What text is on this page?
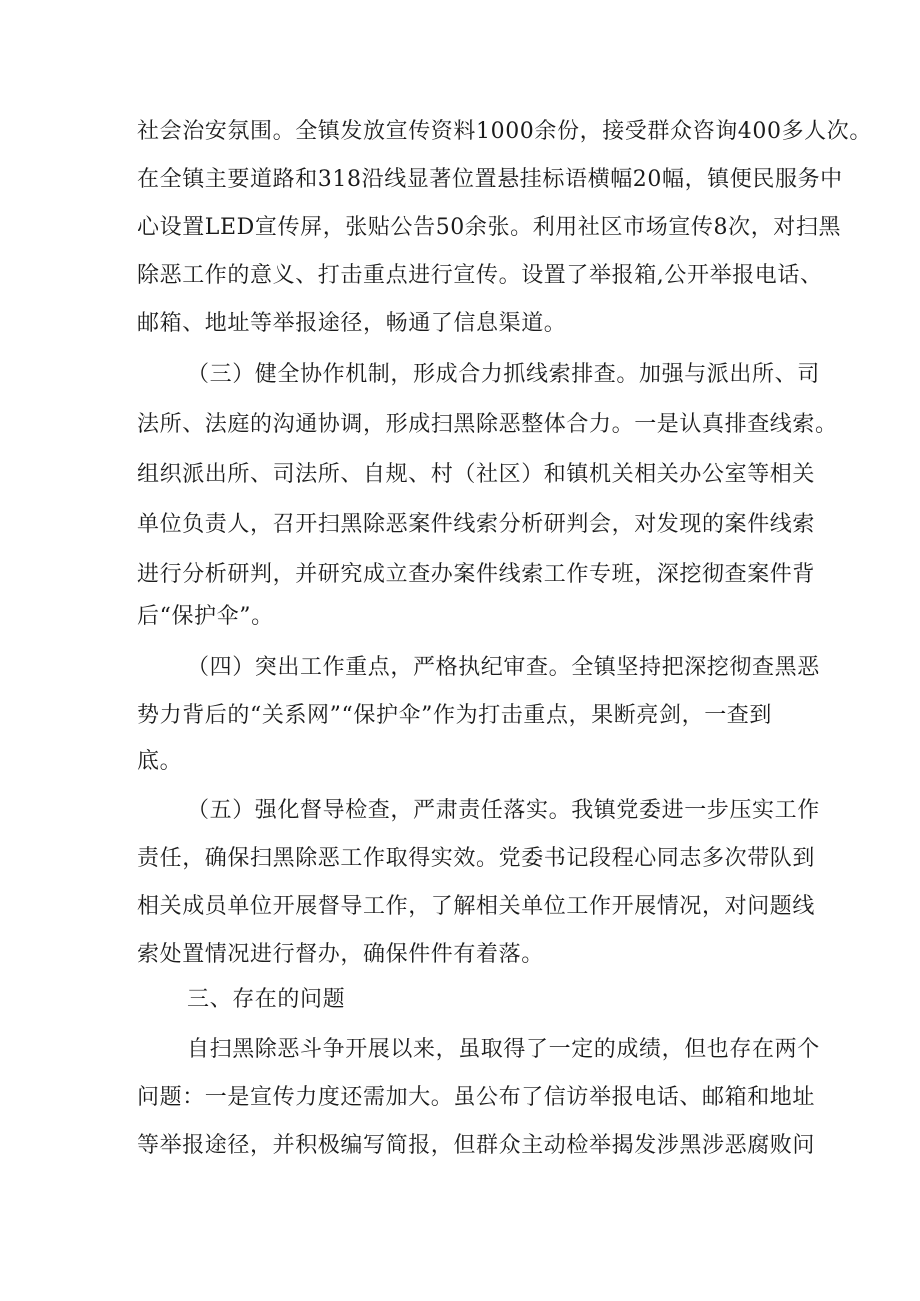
社会治安氛围。全镇发放宣传资料1000余份，接受群众咨询400多人次。
在全镇主要道路和318沿线显著位置悬挂标语横幅20幅，镇便民服务中
心设置LED宣传屏，张贴公告50余张。利用社区市场宣传8次，对扫黑
除恶工作的意义、打击重点进行宣传。设置了举报箱,公开举报电话、
邮箱、地址等举报途径，畅通了信息渠道。
（三）健全协作机制，形成合力抓线索排查。加强与派出所、司
法所、法庭的沟通协调，形成扫黑除恶整体合力。一是认真排查线索。
组织派出所、司法所、自规、村（社区）和镇机关相关办公室等相关
单位负责人，召开扫黑除恶案件线索分析研判会，对发现的案件线索
进行分析研判，并研究成立查办案件线索工作专班，深挖彻查案件背
后“保护伞”。
（四）突出工作重点，严格执纪审查。全镇坚持把深挖彻查黑恶
势力背后的“关系网”“保护伞”作为打击重点，果断亮剑，一查到
底。
（五）强化督导检查，严肃责任落实。我镇党委进一步压实工作
责任，确保扫黑除恶工作取得实效。党委书记段程心同志多次带队到
相关成员单位开展督导工作，了解相关单位工作开展情况，对问题线
索处置情况进行督办，确保件件有着落。
三、存在的问题
自扫黑除恶斗争开展以来，虽取得了一定的成绩，但也存在两个
问题：一是宣传力度还需加大。虽公布了信访举报电话、邮箱和地址
等举报途径，并积极编写简报，但群众主动检举揭发涉黑涉恶腐败问
